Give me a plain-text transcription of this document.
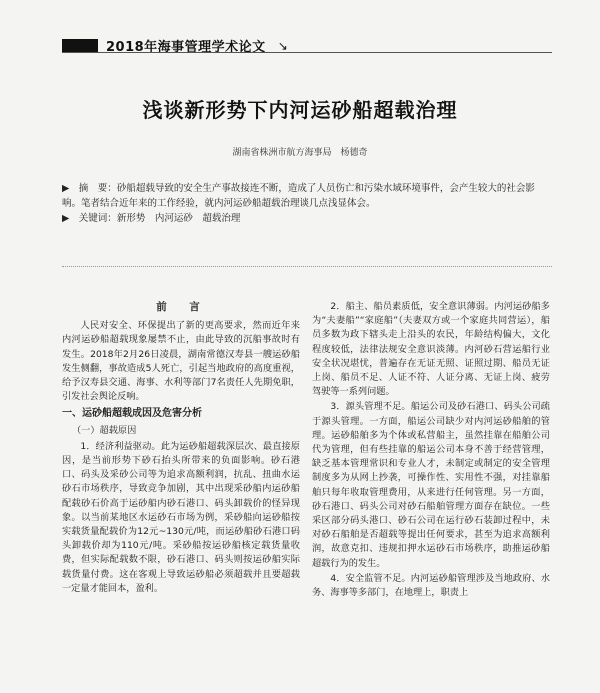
2018年海事管理学术论文 ↘
浅谈新形势下内河运砂船超载治理
湖南省株洲市航方海事局　杨德奇

▶　摘　要：砂船超载导致的安全生产事故接连不断，造成了人员伤亡和污染水域环境事件，会产生较大的社会影响。笔者结合近年来的工作经验，就内河运砂船超载治理谈几点浅显体会。

▶　关键词：新形势　内河运砂　超载治理

前　言

人民对安全、环保提出了新的更高要求，然而近年来内河运砂船超载现象屡禁不止，由此导致的沉船事故时有发生。2018年2月26日凌晨，湖南常德汉寿县一艘运砂船发生侧翻，事故造成5人死亡，引起当地政府的高度重视，给予汉寿县交通、海事、水利等部门7名责任人先期免职，引发社会舆论反响。

一、运砂船超载成因及危害分析
（一）超载原因

1．经济利益驱动。此为运砂船超载深层次、最直接原因，是当前形势下砂石抬头所带来的负面影响。砂石港口、码头及采砂公司等为追求高额利润，抗乱、扭曲水运砂石市场秩序，导致竞争加剧，其中出现采砂船内运砂船配载砂石价高于运砂船内砂石港口、码头卸载价的怪异现象。以当前某地区水运砂石市场为例，采砂船向运砂船按实载货量配载价为12元~130元/吨，而运砂船砂石港口码头卸载价却为110元/吨。采砂船按运砂船核定载货量收费，但实际配载数不限，砂石港口、码头则按运砂船实际载货量付费。这在客观上导致运砂船必须超载并且要超载一定量才能回本，盈利。

2．船主、船员素质低，安全意识薄弱。内河运砂船多为“夫妻船”“家庭船”（夫妻双方或一个家庭共同营运），船员多数为政下辖头走上沿头的农民，年龄结构偏大，文化程度较低，法律法规安全意识淡薄。内河砂石营运船行业安全状况堪忧，普遍存在无证无照、证照过期、船员无证上岗、船员不足、人证不符、人证分离、无证上岗、疲劳驾驶等一系列问题。

3．源头管理不足。船运公司及砂石港口、码头公司疏于源头管理。一方面，船运公司缺少对内河运砂船舶的管理。运砂船舶多为个体或私营船主，虽然挂靠在船舶公司代为管理，但有些挂靠的船运公司本身不善于经营管理，缺乏基本管理常识和专业人才，未制定或制定的安全管理制度多为从网上抄袭，可操作性、实用性不强，对挂靠船舶只每年收取管理费用，从来进行任何管理。另一方面，砂石港口、码头公司对砂石船舶管理方面存在缺位。一些采区部分码头港口、砂石公司在运行砂石装卸过程中，未对砂石船舶是否超载等提出任何要求，甚至为追求高额利润，故意克扣、违规扣押水运砂石市场秩序，助推运砂船超载行为的发生。

4．安全监管不足。内河运砂船管理涉及当地政府、水务、海事等多部门，在地理上，职责上
